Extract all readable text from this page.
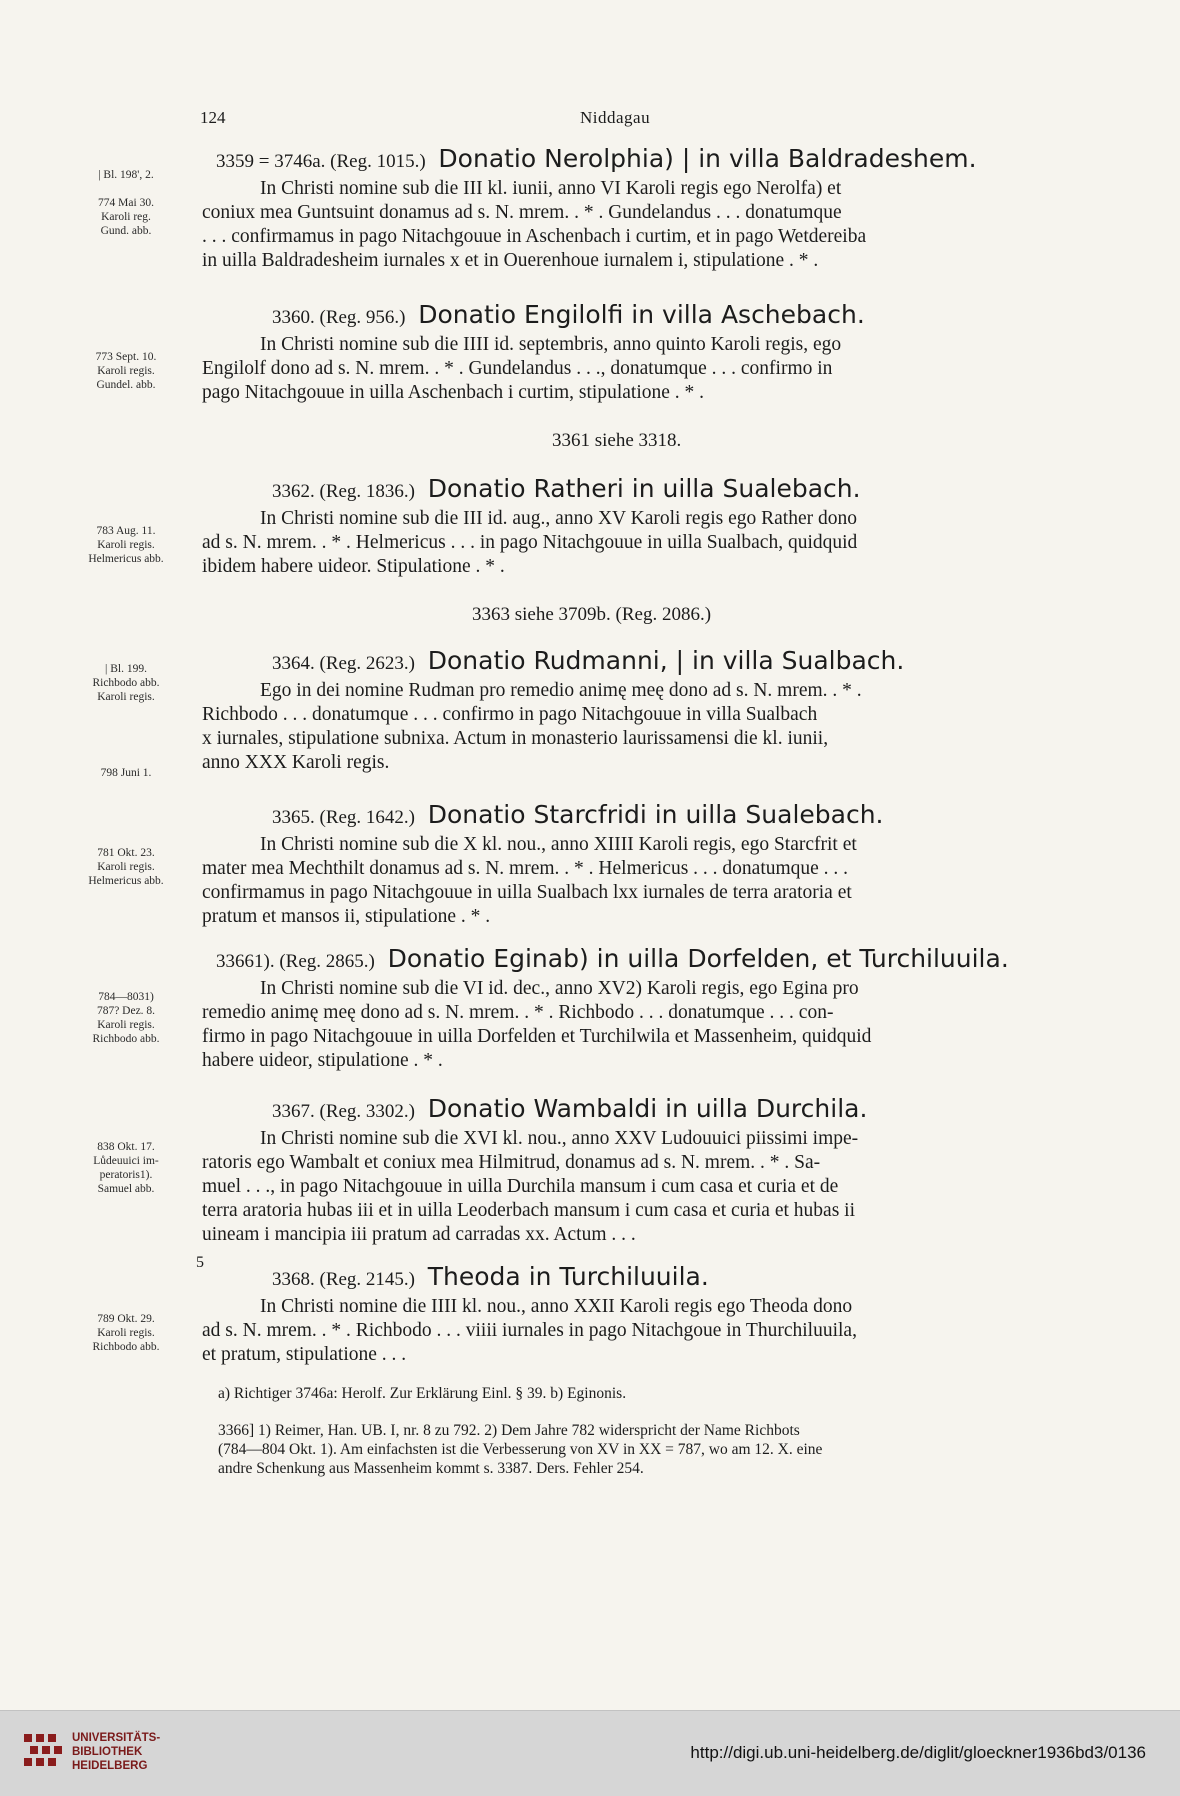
124	Niddagau
| Bl. 198', 2.
774 Mai 30.
Karoli reg.
Gund. abb.
3359 = 3746a. (Reg. 1015.) Donatio Nerolphia) | in villa Baldradeshem.
In Christi nomine sub die III kl. iunii, anno VI Karoli regis ego Nerolfa) et
coniux mea Guntsuint donamus ad s. N. mrem. . * . Gundelandus . . . donatumque
. . . confirmamus in pago Nitachgouue in Aschenbach i curtim, et in pago Wetdereiba
in uilla Baldradesheim iurnales x et in Ouerenhoue iurnalem i, stipulatione . * .
773 Sept. 10.
Karoli regis.
Gundel. abb.
3360. (Reg. 956.) Donatio Engilolfi in villa Aschebach.
In Christi nomine sub die IIII id. septembris, anno quinto Karoli regis, ego
Engilolf dono ad s. N. mrem. . * . Gundelandus . . ., donatumque . . . confirmo in
pago Nitachgouue in uilla Aschenbach i curtim, stipulatione . * .
3361 siehe 3318.
783 Aug. 11.
Karoli regis.
Helmericus abb.
3362. (Reg. 1836.) Donatio Ratheri in uilla Sualebach.
In Christi nomine sub die III id. aug., anno XV Karoli regis ego Rather dono
ad s. N. mrem. . * . Helmericus . . . in pago Nitachgouue in uilla Sualbach, quidquid
ibidem habere uideor. Stipulatione . * .
3363 siehe 3709b. (Reg. 2086.)
| Bl. 199.
Richbodo abb.
Karoli regis.
798 Juni 1.
3364. (Reg. 2623.) Donatio Rudmanni, | in villa Sualbach.
Ego in dei nomine Rudman pro remedio animę meę dono ad s. N. mrem. . * .
Richbodo . . . donatumque . . . confirmo in pago Nitachgouue in villa Sualbach
x iurnales, stipulatione subnixa. Actum in monasterio laurissamensi die kl. iunii,
anno XXX Karoli regis.
781 Okt. 23.
Karoli regis.
Helmericus abb.
3365. (Reg. 1642.) Donatio Starcfridi in uilla Sualebach.
In Christi nomine sub die X kl. nou., anno XIIII Karoli regis, ego Starcfrit et
mater mea Mechthilt donamus ad s. N. mrem. . * . Helmericus . . . donatumque . . .
confirmamus in pago Nitachgouue in uilla Sualbach lxx iurnales de terra aratoria et
pratum et mansos ii, stipulatione . * .
784—8031)
787? Dez. 8.
Karoli regis.
Richbodo abb.
33661). (Reg. 2865.) Donatio Eginab) in uilla Dorfelden, et Turchiluuila.
In Christi nomine sub die VI id. dec., anno XV2) Karoli regis, ego Egina pro
remedio animę meę dono ad s. N. mrem. . * . Richbodo . . . donatumque . . . con-
firmo in pago Nitachgouue in uilla Dorfelden et Turchilwila et Massenheim, quidquid
habere uideor, stipulatione . * .
838 Okt. 17.
Lůdeuuici im-
peratoris1).
Samuel abb.
3367. (Reg. 3302.) Donatio Wambaldi in uilla Durchila.
In Christi nomine sub die XVI kl. nou., anno XXV Ludouuici piissimi impe-
ratoris ego Wambalt et coniux mea Hilmitrud, donamus ad s. N. mrem. . * . Sa-
muel . . ., in pago Nitachgouue in uilla Durchila mansum i cum casa et curia et de
terra aratoria hubas iii et in uilla Leoderbach mansum i cum casa et curia et hubas ii
uineam i mancipia iii pratum ad carradas xx. Actum . . .
5
789 Okt. 29.
Karoli regis.
Richbodo abb.
3368. (Reg. 2145.) Theoda in Turchiluuila.
In Christi nomine die IIII kl. nou., anno XXII Karoli regis ego Theoda dono
ad s. N. mrem. . * . Richbodo . . . viiii iurnales in pago Nitachgoue in Thurchiluuila,
et pratum, stipulatione . . .
a) Richtiger 3746a: Herolf. Zur Erklärung Einl. § 39. b) Eginonis.
3366] 1) Reimer, Han. UB. I, nr. 8 zu 792. 2) Dem Jahre 782 widerspricht der Name Richbots
(784—804 Okt. 1). Am einfachsten ist die Verbesserung von XV in XX = 787, wo am 12. X. eine
andre Schenkung aus Massenheim kommt s. 3387. Ders. Fehler 254.
UNIVERSITÄTS-
BIBLIOTHEK
HEIDELBERG
http://digi.ub.uni-heidelberg.de/diglit/gloeckner1936bd3/0136
